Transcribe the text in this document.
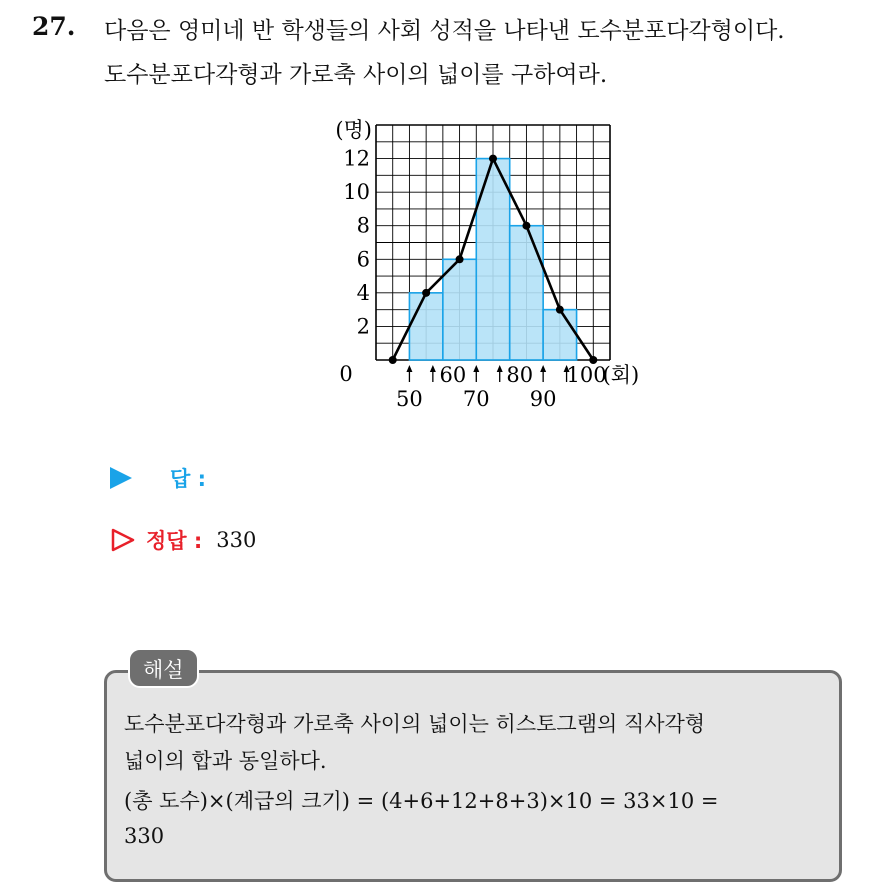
27. 다음은 영미네 반 학생들의 사회 성적을 나타낸 도수분포다각형이다.
도수분포다각형과 가로축 사이의 넓이를 구하여라.
2
4
6
8
10
12
(명)
0	60 80 100
50 70 90
(회)
답 :
정답 : 330
해설
도수분포다각형과 가로축 사이의 넓이는 히스토그램의 직사각형
넓이의 합과 동일하다.
(총 도수)×(계급의 크기) = (4+6+12+8+3)×10 = 33×10 =
330
